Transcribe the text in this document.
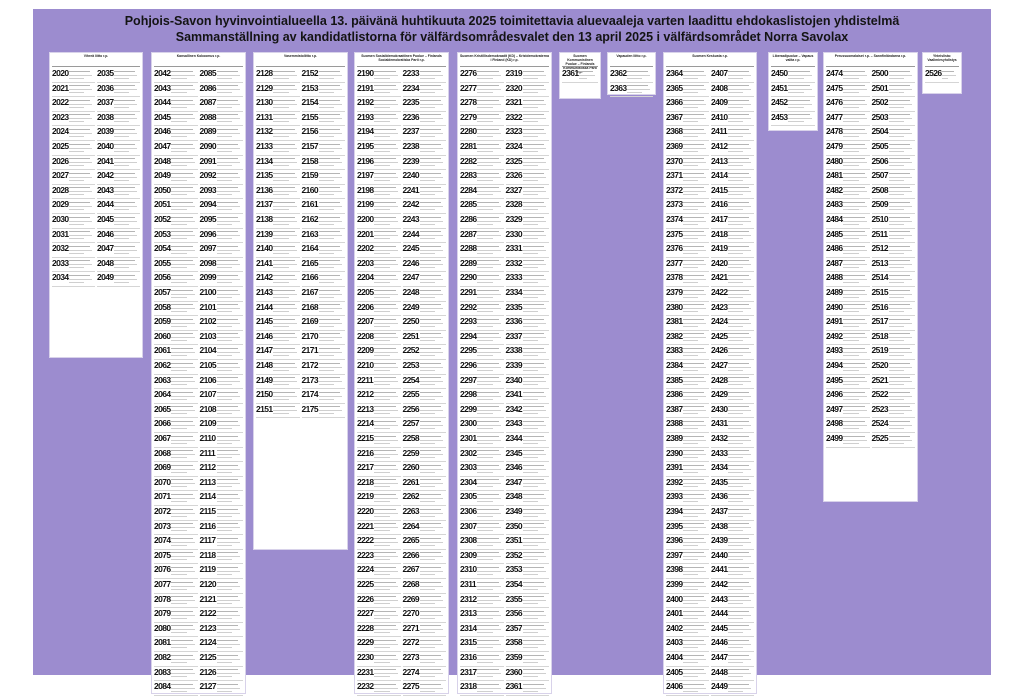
Pohjois-Savon hyvinvointialueella 13. päivänä huhtikuuta 2025 toimitettavia aluevaaleja varten laadittu ehdokaslistojen yhdistelmä
Sammanställning av kandidatlistorna för välfärdsområdesvalet den 13 april 2025 i välfärdsområdet Norra Savolax
Vihreä liitto r.p.
2020
2021
2022
2023
2024
2025
2026
2027
2028
2029
2030
2031
2032
2033
2034
2035
2036
2037
2038
2039
2040
2041
2042
2043
2044
2045
2046
2047
2048
2049
Kansallinen Kokoomus r.p.
2042
2043
2044
2045
2046
2047
2048
2049
2050
2051
2052
2053
2054
2055
2056
2057
2058
2059
2060
2061
2062
2063
2064
2065
2066
2067
2068
2069
2070
2071
2072
2073
2074
2075
2076
2077
2078
2079
2080
2081
2082
2083
2084
2085
2086
2087
2088
2089
2090
2091
2092
2093
2094
2095
2096
2097
2098
2099
2100
2101
2102
2103
2104
2105
2106
2107
2108
2109
2110
2111
2112
2113
2114
2115
2116
2117
2118
2119
2120
2121
2122
2123
2124
2125
2126
2127
Vasemmistoliitto r.p.
2128
2129
2130
2131
2132
2133
2134
2135
2136
2137
2138
2139
2140
2141
2142
2143
2144
2145
2146
2147
2148
2149
2150
2151
2152
2153
2154
2155
2156
2157
2158
2159
2160
2161
2162
2163
2164
2165
2166
2167
2168
2169
2170
2171
2172
2173
2174
2175
Suomen Sosialidemokraattinen Puolue – Finlands Socialdemokratiska Parti r.p.
2190
2191
2192
2193
2194
2195
2196
2197
2198
2199
2200
2201
2202
2203
2204
2205
2206
2207
2208
2209
2210
2211
2212
2213
2214
2215
2216
2217
2218
2219
2220
2221
2222
2223
2224
2225
2226
2227
2228
2229
2230
2231
2232
2233
2234
2235
2236
2237
2238
2239
2240
2241
2242
2243
2244
2245
2246
2247
2248
2249
2250
2251
2252
2253
2254
2255
2256
2257
2258
2259
2260
2261
2262
2263
2264
2265
2266
2267
2268
2269
2270
2271
2272
2273
2274
2275
Suomen Kristillisdemokraatit (KD) – Kristdemokraterna i Finland (KD) r.p.
2276
2277
2278
2279
2280
2281
2282
2283
2284
2285
2286
2287
2288
2289
2290
2291
2292
2293
2294
2295
2296
2297
2298
2299
2300
2301
2302
2303
2304
2305
2306
2307
2308
2309
2310
2311
2312
2313
2314
2315
2316
2317
2318
2319
2320
2321
2322
2323
2324
2325
2326
2327
2328
2329
2330
2331
2332
2333
2334
2335
2336
2337
2338
2339
2340
2341
2342
2343
2344
2345
2346
2347
2348
2349
2350
2351
2352
2353
2354
2355
2356
2357
2358
2359
2360
2361
Suomen Kommunistinen Puolue – Finlands Kommunistiska Parti r.p.
2361
Vapauden liitto r.p.
2362
2363
Suomen Keskusta r.p.
2364
2365
2366
2367
2368
2369
2370
2371
2372
2373
2374
2375
2376
2377
2378
2379
2380
2381
2382
2383
2384
2385
2386
2387
2388
2389
2390
2391
2392
2393
2394
2395
2396
2397
2398
2399
2400
2401
2402
2403
2404
2405
2406
2407
2408
2409
2410
2411
2412
2413
2414
2415
2416
2417
2418
2419
2420
2421
2422
2423
2424
2425
2426
2427
2428
2429
2430
2431
2432
2433
2434
2435
2436
2437
2438
2439
2440
2441
2442
2443
2444
2445
2446
2447
2448
2449
Liberaalipuolue – Vapaus valita r.p.
2450
2451
2452
2453
Perussuomalaiset r.p. – Sannfinländarna r.p.
2474
2475
2476
2477
2478
2479
2480
2481
2482
2483
2484
2485
2486
2487
2488
2489
2490
2491
2492
2493
2494
2495
2496
2497
2498
2499
2500
2501
2502
2503
2504
2505
2506
2507
2508
2509
2510
2511
2512
2513
2514
2515
2516
2517
2518
2519
2520
2521
2522
2523
2524
2525
Yhteislista: Vaalimiesyhdistys
2526
